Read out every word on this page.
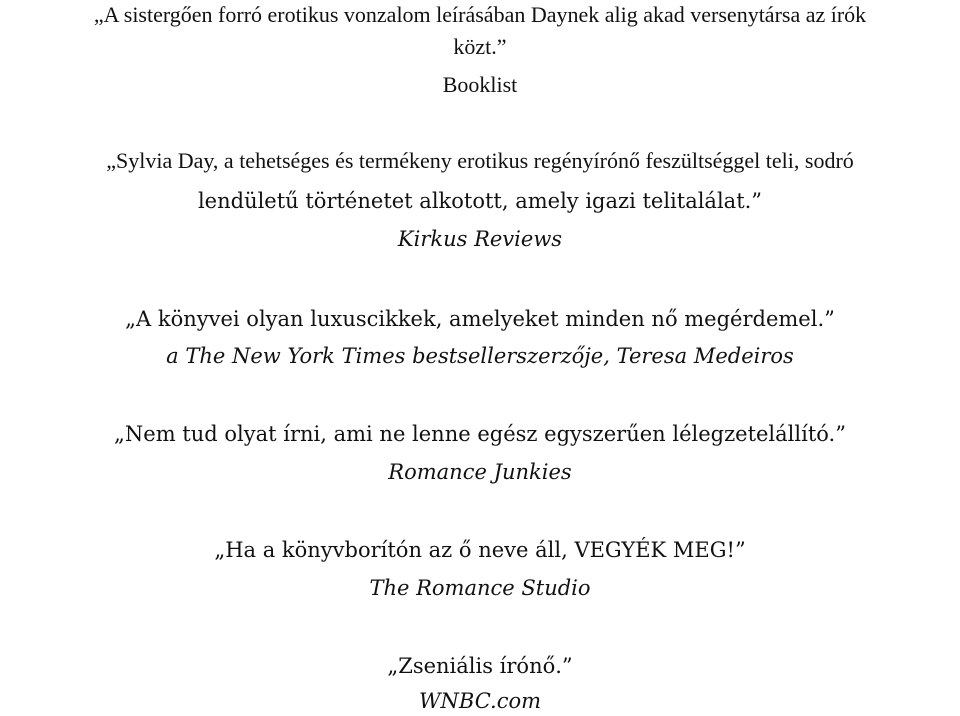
„A sistergően forró erotikus vonzalom leírásában Daynek alig akad versenytársa az írók
közt.”
Booklist
„Sylvia Day, a tehetséges és termékeny erotikus regényírónő feszültséggel teli, sodró
lendületű történetet alkotott, amely igazi telitalálat.”
Kirkus Reviews
„A könyvei olyan luxuscikkek, amelyeket minden nő megérdemel.”
a The New York Times bestsellerszerzője, Teresa Medeiros
„Nem tud olyat írni, ami ne lenne egész egyszerűen lélegzetelállító.”
Romance Junkies
„Ha a könyvborítón az ő neve áll, VEGYÉK MEG!”
The Romance Studio
„Zseniális írónő.”
WNBC.com
